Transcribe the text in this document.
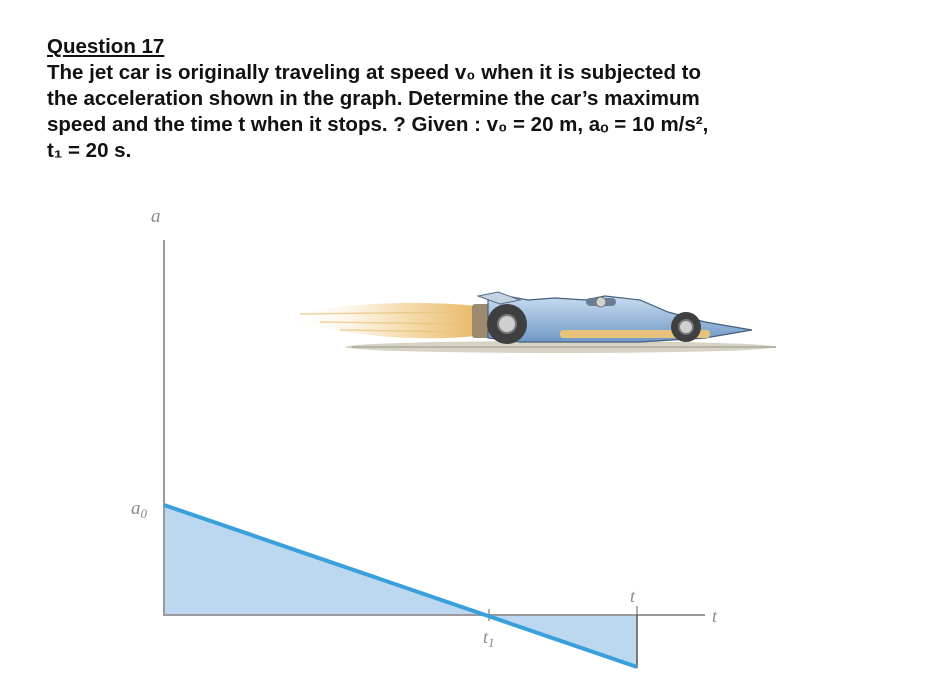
Question 17
The jet car is originally traveling at speed v₀ when it is subjected to
the acceleration shown in the graph. Determine the car’s maximum
speed and the time t when it stops. ? Given : v₀ = 20 m, aₒ = 10 m/s²,
t₁ = 20 s.
a
$a_0$
$t_1$
t
t
